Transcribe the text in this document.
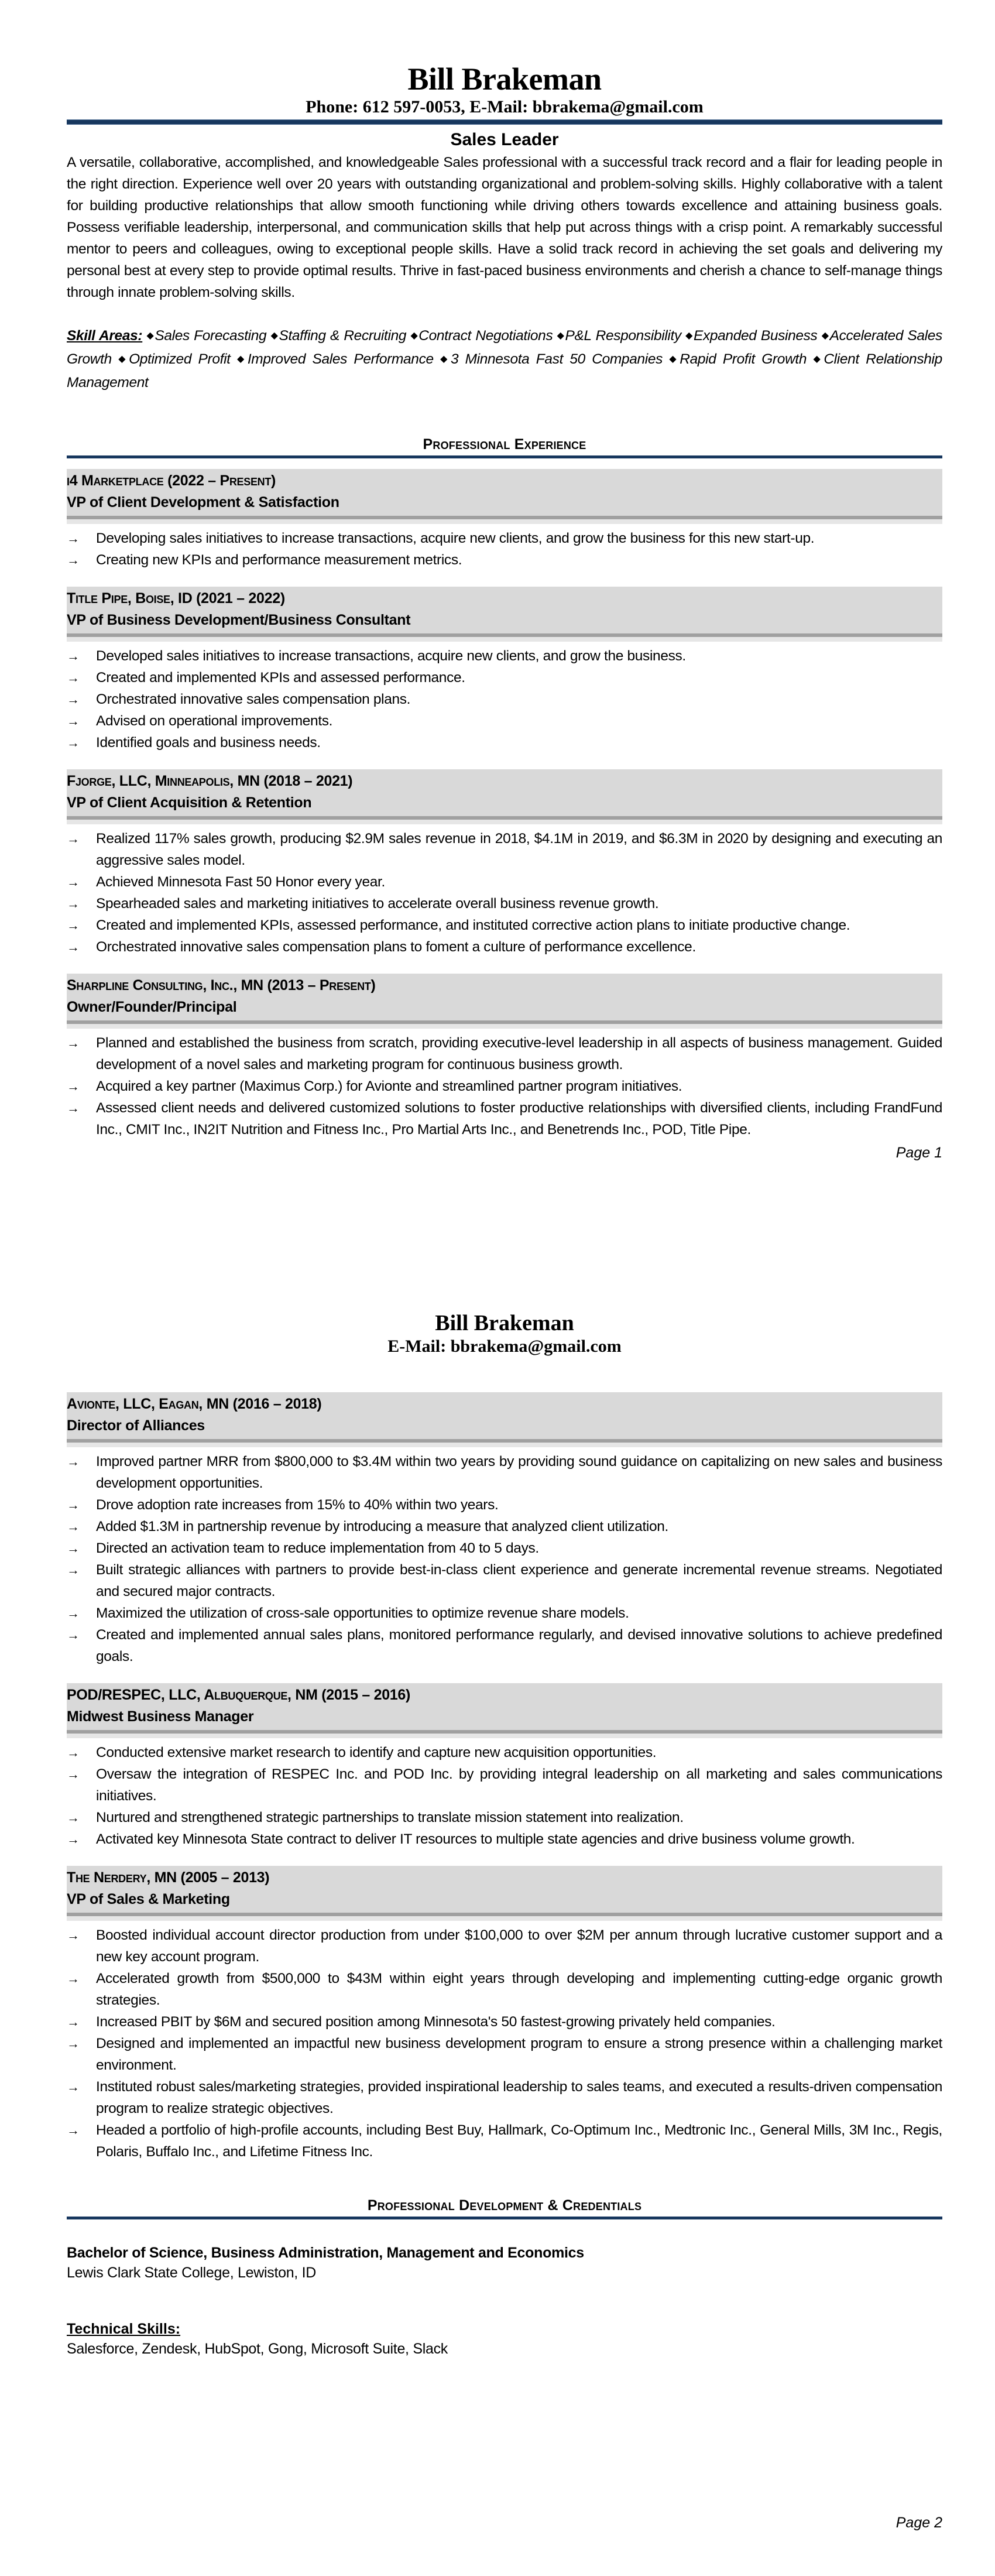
Bill Brakeman
Phone: 612 597-0053, E-Mail: bbrakema@gmail.com
Sales Leader
A versatile, collaborative, accomplished, and knowledgeable Sales professional with a successful track record and a flair for leading people in the right direction. Experience well over 20 years with outstanding organizational and problem-solving skills. Highly collaborative with a talent for building productive relationships that allow smooth functioning while driving others towards excellence and attaining business goals. Possess verifiable leadership, interpersonal, and communication skills that help put across things with a crisp point. A remarkably successful mentor to peers and colleagues, owing to exceptional people skills. Have a solid track record in achieving the set goals and delivering my personal best at every step to provide optimal results. Thrive in fast-paced business environments and cherish a chance to self-manage things through innate problem-solving skills.
Skill Areas: ◆Sales Forecasting ◆Staffing & Recruiting ◆Contract Negotiations ◆P&L Responsibility ◆Expanded Business ◆Accelerated Sales Growth ◆Optimized Profit ◆Improved Sales Performance ◆3 Minnesota Fast 50 Companies ◆Rapid Profit Growth ◆Client Relationship Management
Professional Experience
i4 Marketplace (2022 – Present)
VP of Client Development & Satisfaction
→ Developing sales initiatives to increase transactions, acquire new clients, and grow the business for this new start-up.
→ Creating new KPIs and performance measurement metrics.
Title Pipe, Boise, ID (2021 – 2022)
VP of Business Development/Business Consultant
→ Developed sales initiatives to increase transactions, acquire new clients, and grow the business.
→ Created and implemented KPIs and assessed performance.
→ Orchestrated innovative sales compensation plans.
→ Advised on operational improvements.
→ Identified goals and business needs.
Fjorge, LLC, Minneapolis, MN (2018 – 2021)
VP of Client Acquisition & Retention
→ Realized 117% sales growth, producing $2.9M sales revenue in 2018, $4.1M in 2019, and $6.3M in 2020 by designing and executing an aggressive sales model.
→ Achieved Minnesota Fast 50 Honor every year.
→ Spearheaded sales and marketing initiatives to accelerate overall business revenue growth.
→ Created and implemented KPIs, assessed performance, and instituted corrective action plans to initiate productive change.
→ Orchestrated innovative sales compensation plans to foment a culture of performance excellence.
Sharpline Consulting, Inc., MN (2013 – Present)
Owner/Founder/Principal
→ Planned and established the business from scratch, providing executive-level leadership in all aspects of business management. Guided development of a novel sales and marketing program for continuous business growth.
→ Acquired a key partner (Maximus Corp.) for Avionte and streamlined partner program initiatives.
→ Assessed client needs and delivered customized solutions to foster productive relationships with diversified clients, including FrandFund Inc., CMIT Inc., IN2IT Nutrition and Fitness Inc., Pro Martial Arts Inc., and Benetrends Inc., POD, Title Pipe.
Page 1
Bill Brakeman
E-Mail: bbrakema@gmail.com
Avionte, LLC, Eagan, MN (2016 – 2018)
Director of Alliances
→ Improved partner MRR from $800,000 to $3.4M within two years by providing sound guidance on capitalizing on new sales and business development opportunities.
→ Drove adoption rate increases from 15% to 40% within two years.
→ Added $1.3M in partnership revenue by introducing a measure that analyzed client utilization.
→ Directed an activation team to reduce implementation from 40 to 5 days.
→ Built strategic alliances with partners to provide best-in-class client experience and generate incremental revenue streams. Negotiated and secured major contracts.
→ Maximized the utilization of cross-sale opportunities to optimize revenue share models.
→ Created and implemented annual sales plans, monitored performance regularly, and devised innovative solutions to achieve predefined goals.
POD/RESPEC, LLC, Albuquerque, NM (2015 – 2016)
Midwest Business Manager
→ Conducted extensive market research to identify and capture new acquisition opportunities.
→ Oversaw the integration of RESPEC Inc. and POD Inc. by providing integral leadership on all marketing and sales communications initiatives.
→ Nurtured and strengthened strategic partnerships to translate mission statement into realization.
→ Activated key Minnesota State contract to deliver IT resources to multiple state agencies and drive business volume growth.
The Nerdery, MN (2005 – 2013)
VP of Sales & Marketing
→ Boosted individual account director production from under $100,000 to over $2M per annum through lucrative customer support and a new key account program.
→ Accelerated growth from $500,000 to $43M within eight years through developing and implementing cutting-edge organic growth strategies.
→ Increased PBIT by $6M and secured position among Minnesota's 50 fastest-growing privately held companies.
→ Designed and implemented an impactful new business development program to ensure a strong presence within a challenging market environment.
→ Instituted robust sales/marketing strategies, provided inspirational leadership to sales teams, and executed a results-driven compensation program to realize strategic objectives.
→ Headed a portfolio of high-profile accounts, including Best Buy, Hallmark, Co-Optimum Inc., Medtronic Inc., General Mills, 3M Inc., Regis, Polaris, Buffalo Inc., and Lifetime Fitness Inc.
Professional Development & Credentials
Bachelor of Science, Business Administration, Management and Economics
Lewis Clark State College, Lewiston, ID
Technical Skills:
Salesforce, Zendesk, HubSpot, Gong, Microsoft Suite, Slack
Page 2
